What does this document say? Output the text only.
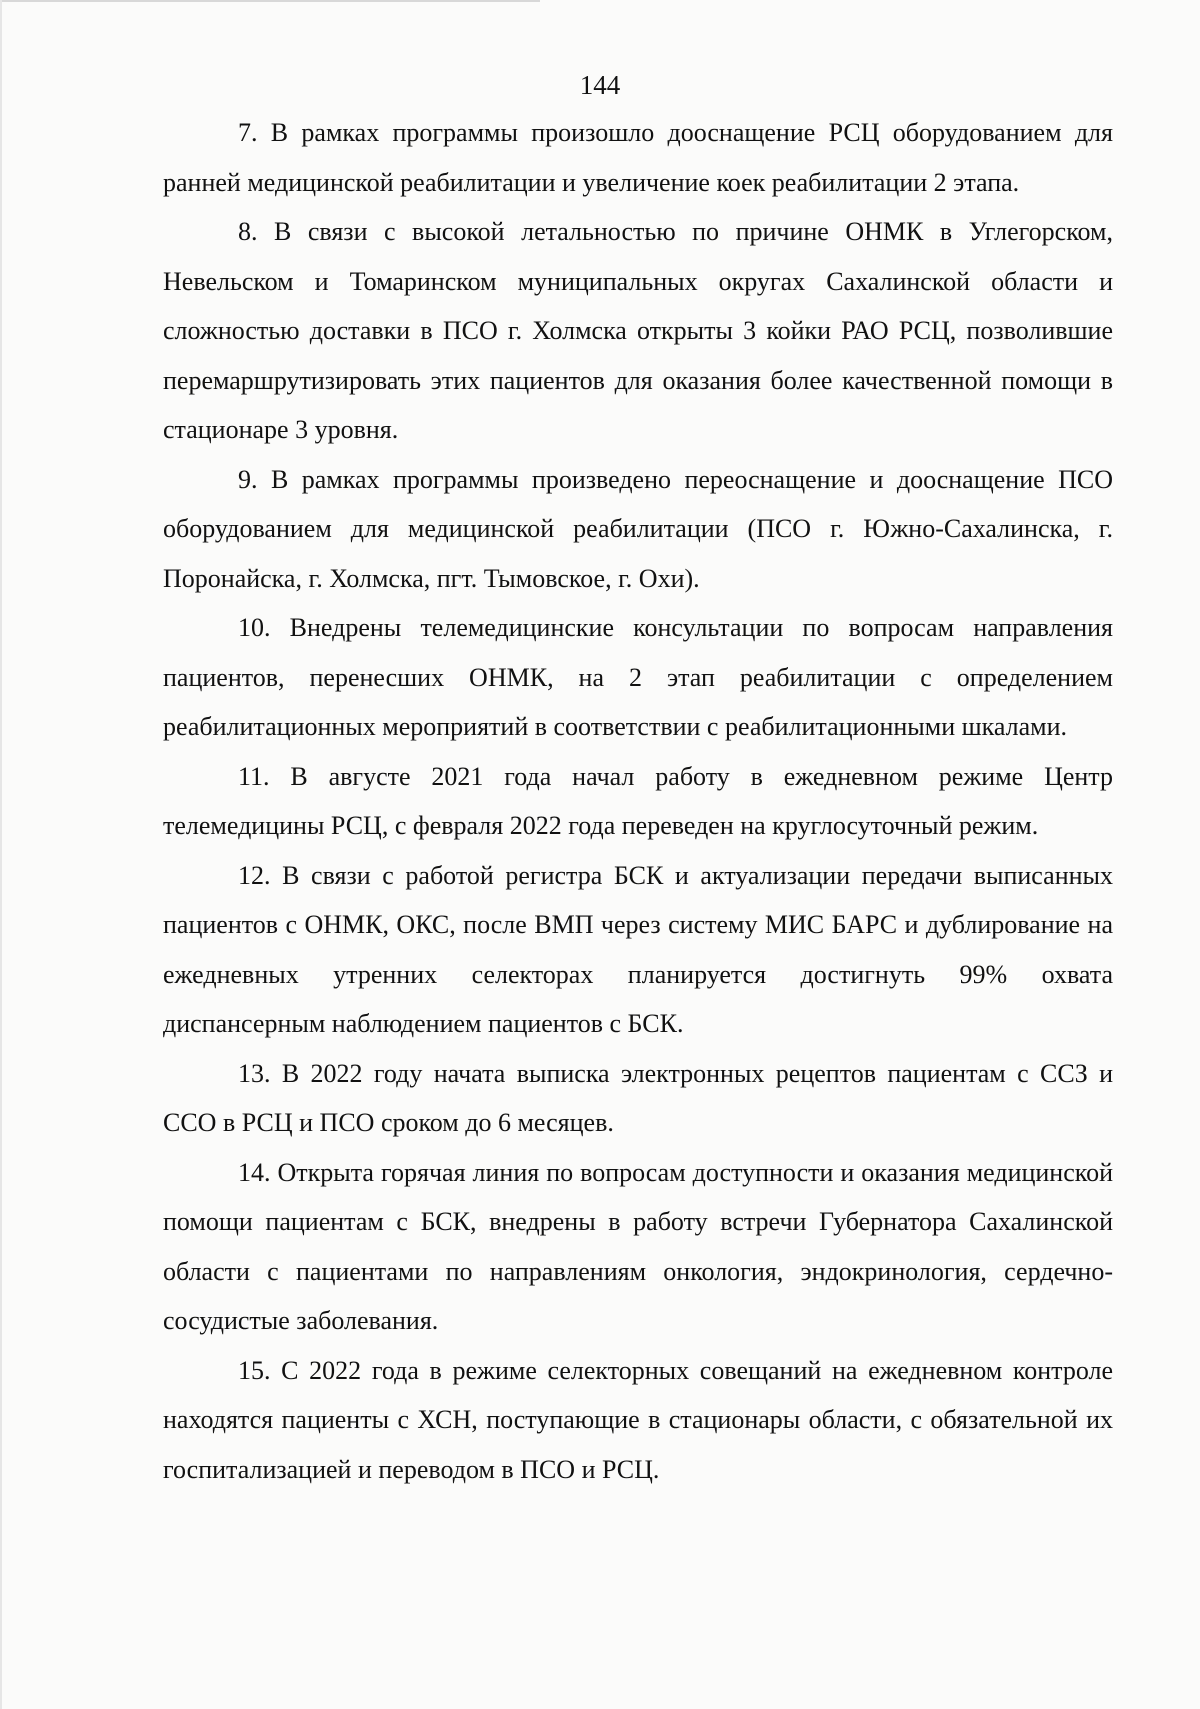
144

7. В рамках программы произошло дооснащение РСЦ оборудованием для ранней медицинской реабилитации и увеличение коек реабилитации 2 этапа.

8. В связи с высокой летальностью по причине ОНМК в Углегорском, Невельском и Томаринском муниципальных округах Сахалинской области и сложностью доставки в ПСО г. Холмска открыты 3 койки РАО РСЦ, позволившие перемаршрутизировать этих пациентов для оказания более качественной помощи в стационаре 3 уровня.

9. В рамках программы произведено переоснащение и дооснащение ПСО оборудованием для медицинской реабилитации (ПСО г. Южно-Сахалинска, г. Поронайска, г. Холмска, пгт. Тымовское, г. Охи).

10. Внедрены телемедицинские консультации по вопросам направления пациентов, перенесших ОНМК, на 2 этап реабилитации с определением реабилитационных мероприятий в соответствии с реабилитационными шкалами.

11. В августе 2021 года начал работу в ежедневном режиме Центр телемедицины РСЦ, с февраля 2022 года переведен на круглосуточный режим.

12. В связи с работой регистра БСК и актуализации передачи выписанных пациентов с ОНМК, ОКС, после ВМП через систему МИС БАРС и дублирование на ежедневных утренних селекторах планируется достигнуть 99% охвата диспансерным наблюдением пациентов с БСК.

13. В 2022 году начата выписка электронных рецептов пациентам с ССЗ и ССО в РСЦ и ПСО сроком до 6 месяцев.

14. Открыта горячая линия по вопросам доступности и оказания медицинской помощи пациентам с БСК, внедрены в работу встречи Губернатора Сахалинской области с пациентами по направлениям онкология, эндокринология, сердечно-сосудистые заболевания.

15. С 2022 года в режиме селекторных совещаний на ежедневном контроле находятся пациенты с ХСН, поступающие в стационары области, с обязательной их госпитализацией и переводом в ПСО и РСЦ.
